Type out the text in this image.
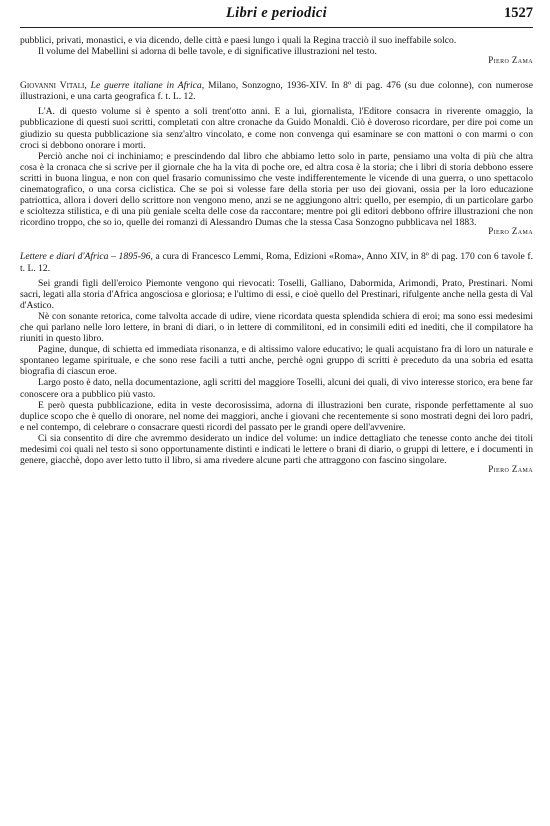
Libri e periodici	1527

pubblici, privati, monastici, e via dicendo, delle città e paesi lungo i quali la Regina tracciò il suo ineffabile solco.

Il volume del Mabellini si adorna di belle tavole, e di significative illustrazioni nel testo.

Piero Zama

Giovanni Vitali, Le guerre italiane in Africa, Milano, Sonzogno, 1936-XIV. In 8º di pag. 476 (su due colonne), con numerose illustrazioni, e una carta geografica f. t. L. 12.

L'A. di questo volume si è spento a soli trent'otto anni. E a lui, giornalista, l'Editore consacra in riverente omaggio, la pubblicazione di questi suoi scritti, completati con altre cronache da Guido Monaldi. Ciò è doveroso ricordare, per dire poi come un giudizio su questa pubblicazione sia senz'altro vincolato, e come non convenga qui esaminare se con mattoni o con marmi o con croci si debbono onorare i morti.

Perciò anche noi ci inchiniamo; e prescindendo dal libro che abbiamo letto solo in parte, pensiamo una volta di più che altra cosa è la cronaca che si scrive per il giornale che ha la vita di poche ore, ed altra cosa è la storia; che i libri di storia debbono essere scritti in buona lingua, e non con quel frasario comunissimo che veste indifferentemente le vicende di una guerra, o uno spettacolo cinematografico, o una corsa ciclistica. Che se poi si volesse fare della storia per uso dei giovani, ossia per la loro educazione patriottica, allora i doveri dello scrittore non vengono meno, anzi se ne aggiungono altri: quello, per esempio, di un particolare garbo e scioltezza stilistica, e di una più geniale scelta delle cose da raccontare; mentre poi gli editori debbono offrire illustrazioni che non ricordino troppo, che so io, quelle dei romanzi di Alessandro Dumas che la stessa Casa Sonzogno pubblicava nel 1883.

Piero Zama

Lettere e diari d'Africa – 1895-96, a cura di Francesco Lemmi, Roma, Edizioni «Roma», Anno XIV, in 8º di pag. 170 con 6 tavole f. t. L. 12.

Sei grandi figli dell'eroico Piemonte vengono qui rievocati: Toselli, Galliano, Dabormida, Arimondi, Prato, Prestinari. Nomi sacri, legati alla storia d'Africa angosciosa e gloriosa; e l'ultimo di essi, e cioè quello del Prestinari, rifulgente anche nella gesta di Val d'Astico.

Nè con sonante retorica, come talvolta accade di udire, viene ricordata questa splendida schiera di eroi; ma sono essi medesimi che qui parlano nelle loro lettere, in brani di diari, o in lettere di commilitoni, ed in consimili editi ed inediti, che il compilatore ha riuniti in questo libro.

Pagine, dunque, di schietta ed immediata risonanza, e di altissimo valore educativo; le quali acquistano fra di loro un naturale e spontaneo legame spirituale, e che sono rese facili a tutti anche, perchè ogni gruppo di scritti è preceduto da una sobria ed esatta biografia di ciascun eroe.

Largo posto è dato, nella documentazione, agli scritti del maggiore Toselli, alcuni dei quali, di vivo interesse storico, era bene far conoscere ora a pubblico più vasto.

E però questa pubblicazione, edita in veste decorosissima, adorna di illustrazioni ben curate, risponde perfettamente al suo duplice scopo che è quello di onorare, nel nome dei maggiori, anche i giovani che recentemente si sono mostrati degni dei loro padri, e nel contempo, di celebrare o consacrare questi ricordi del passato per le grandi opere dell'avvenire.

Ci sia consentito di dire che avremmo desiderato un indice del volume: un indice dettagliato che tenesse conto anche dei titoli medesimi coi quali nel testo si sono opportunamente distinti e indicati le lettere o brani di diario, o gruppi di lettere, e i documenti in genere, giacchè, dopo aver letto tutto il libro, si ama rivedere alcune parti che attraggono con fascino singolare.

Piero Zama
